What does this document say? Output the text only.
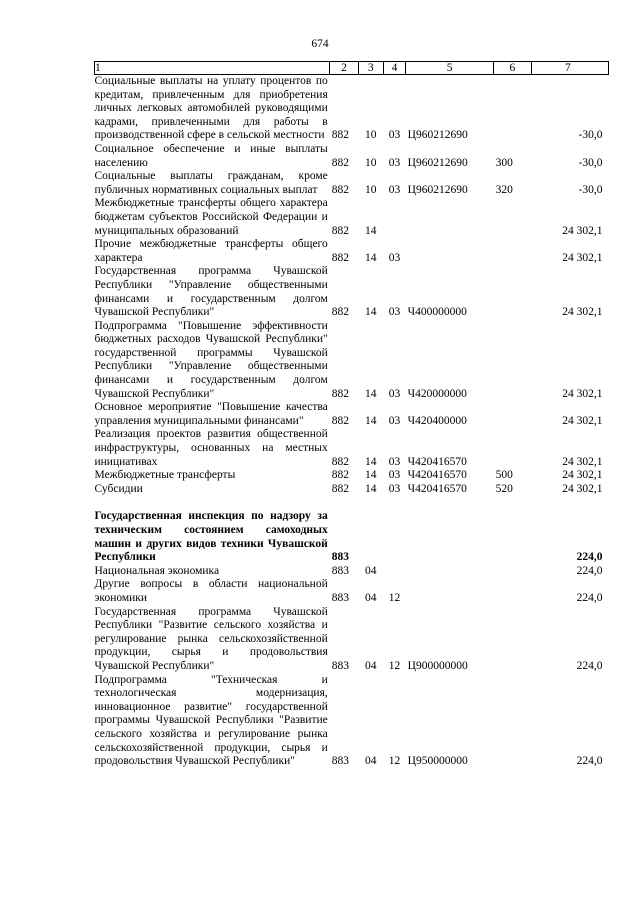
674
1	2	3	4	5	6	7
Социальные выплаты на уплату процентов по кредитам, привлеченным для приобретения личных легковых автомобилей руководящими кадрами, привлеченными для работы в производственной сфере в сельской местности	882	10	03	Ц960212690		-30,0
Социальное обеспечение и иные выплаты населению	882	10	03	Ц960212690	300	-30,0
Социальные выплаты гражданам, кроме публичных нормативных социальных выплат	882	10	03	Ц960212690	320	-30,0
Межбюджетные трансферты общего характера бюджетам субъектов Российской Федерации и муниципальных образований	882	14				24 302,1
Прочие межбюджетные трансферты общего характера	882	14	03			24 302,1
Государственная программа Чувашской Республики "Управление общественными финансами и государственным долгом Чувашской Республики"	882	14	03	Ч400000000		24 302,1
Подпрограмма "Повышение эффективности бюджетных расходов Чувашской Республики" государственной программы Чувашской Республики "Управление общественными финансами и государственным долгом Чувашской Республики"	882	14	03	Ч420000000		24 302,1
Основное мероприятие "Повышение качества управления муниципальными финансами"	882	14	03	Ч420400000		24 302,1
Реализация проектов развития общественной инфраструктуры, основанных на местных инициативах	882	14	03	Ч420416570		24 302,1
Межбюджетные трансферты	882	14	03	Ч420416570	500	24 302,1
Субсидии	882	14	03	Ч420416570	520	24 302,1

Государственная инспекция по надзору за техническим состоянием самоходных машин и других видов техники Чувашской Республики	883					224,0
Национальная экономика	883	04				224,0
Другие вопросы в области национальной экономики	883	04	12			224,0
Государственная программа Чувашской Республики "Развитие сельского хозяйства и регулирование рынка сельскохозяйственной продукции, сырья и продовольствия Чувашской Республики"	883	04	12	Ц900000000		224,0
Подпрограмма "Техническая и технологическая модернизация, инновационное развитие" государственной программы Чувашской Республики "Развитие сельского хозяйства и регулирование рынка сельскохозяйственной продукции, сырья и продовольствия Чувашской Республики"	883	04	12	Ц950000000		224,0
